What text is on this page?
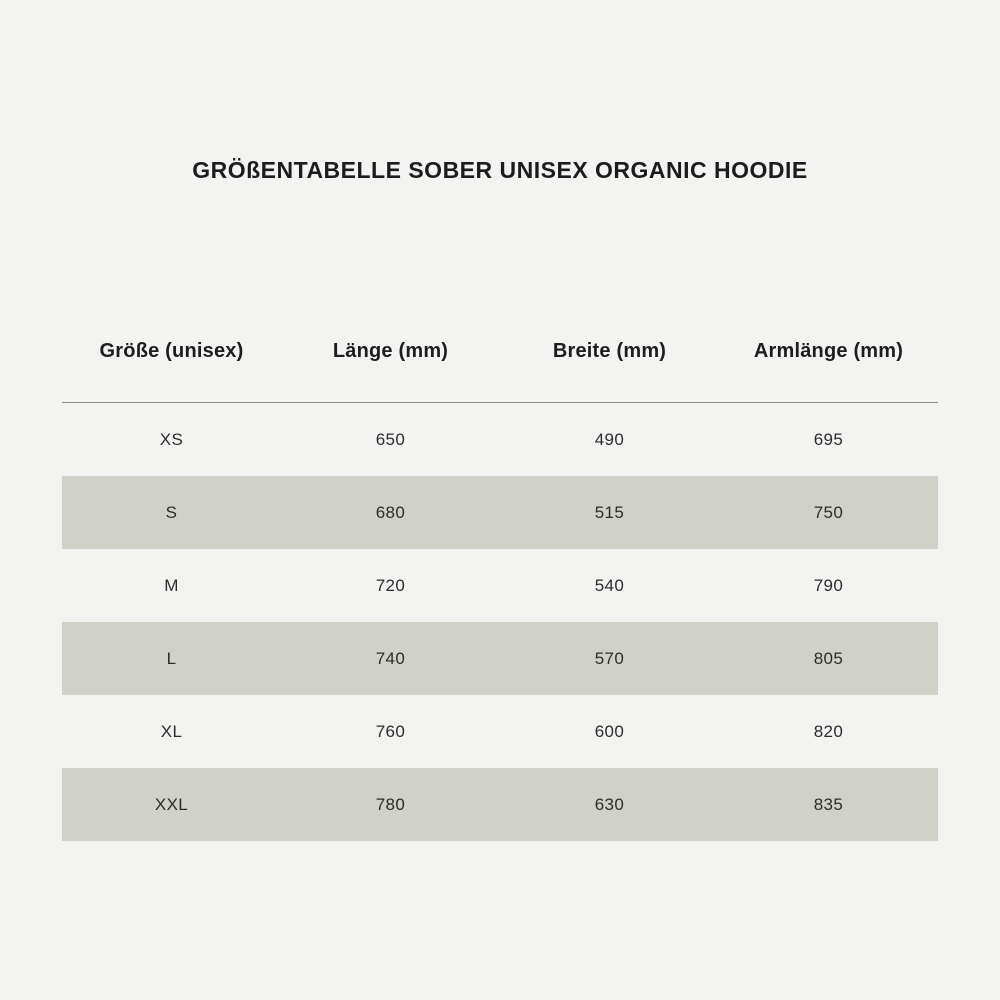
GRÖßENTABELLE SOBER UNISEX ORGANIC HOODIE
Größe (unisex)	Länge (mm)	Breite (mm)	Armlänge (mm)
XS	650	490	695
S	680	515	750
M	720	540	790
L	740	570	805
XL	760	600	820
XXL	780	630	835
